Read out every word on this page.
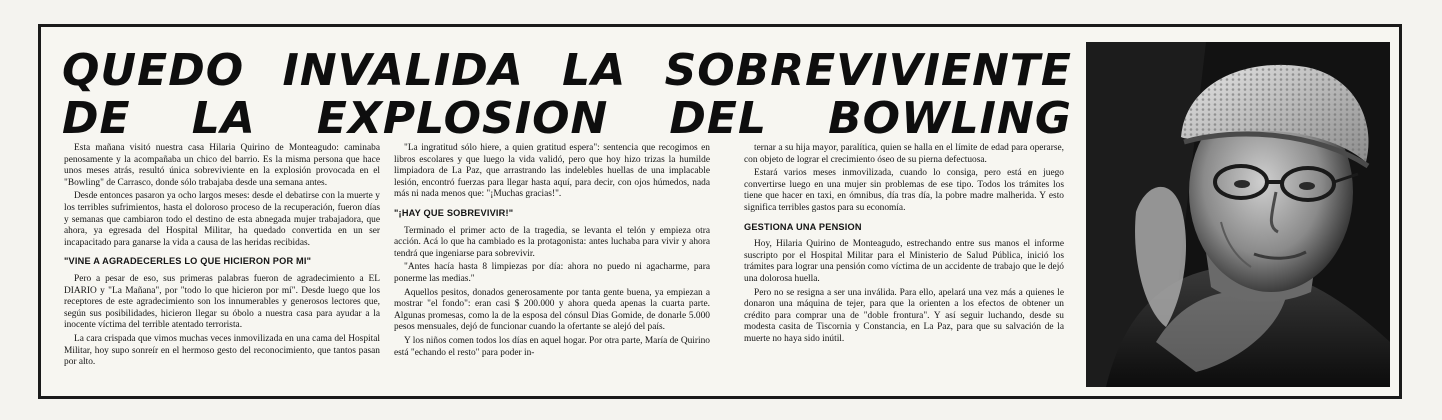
QUEDO INVALIDA LA SOBREVIVIENTE
DE LA EXPLOSION DEL BOWLING

Esta mañana visitó nuestra casa Hilaria Quirino de Monteagudo: caminaba penosamente y la acompañaba un chico del barrio. Es la misma persona que hace unos meses atrás, resultó única sobreviviente en la explosión provocada en el "Bowling" de Carrasco, donde sólo trabajaba desde una semana antes.

Desde entonces pasaron ya ocho largos meses: desde el debatirse con la muerte y los terribles sufrimientos, hasta el doloroso proceso de la recuperación, fueron días y semanas que cambiaron todo el destino de esta abnegada mujer trabajadora, que ahora, ya egresada del Hospital Militar, ha quedado convertida en un ser incapacitado para ganarse la vida a causa de las heridas recibidas.

"VINE A AGRADECERLES LO QUE HICIERON POR MI"

Pero a pesar de eso, sus primeras palabras fueron de agradecimiento a EL DIARIO y "La Mañana", por "todo lo que hicieron por mí". Desde luego que los receptores de este agradecimiento son los innumerables y generosos lectores que, según sus posibilidades, hicieron llegar su óbolo a nuestra casa para ayudar a la inocente víctima del terrible atentado terrorista.

La cara crispada que vimos muchas veces inmovilizada en una cama del Hospital Militar, hoy supo sonreír en el hermoso gesto del reconocimiento, que tantos pasan por alto.

"La ingratitud sólo hiere, a quien gratitud espera": sentencia que recogimos en libros escolares y que luego la vida validó, pero que hoy hizo trizas la humilde limpiadora de La Paz, que arrastrando las indelebles huellas de una implacable lesión, encontró fuerzas para llegar hasta aquí, para decir, con ojos húmedos, nada más ni nada menos que: "¡Muchas gracias!".

"¡HAY QUE SOBREVIVIR!"

Terminado el primer acto de la tragedia, se levanta el telón y empieza otra acción. Acá lo que ha cambiado es la protagonista: antes luchaba para vivir y ahora tendrá que ingeniarse para sobrevivir.

"Antes hacía hasta 8 limpiezas por día: ahora no puedo ni agacharme, para ponerme las medias."

Aquellos pesitos, donados generosamente por tanta gente buena, ya empiezan a mostrar "el fondo": eran casi $ 200.000 y ahora queda apenas la cuarta parte. Algunas promesas, como la de la esposa del cónsul Dias Gomide, de donarle 5.000 pesos mensuales, dejó de funcionar cuando la ofertante se alejó del país.

Y los niños comen todos los días en aquel hogar. Por otra parte, María de Quirino está "echando el resto" para poder in-

ternar a su hija mayor, paralítica, quien se halla en el límite de edad para operarse, con objeto de lograr el crecimiento óseo de su pierna defectuosa.

Estará varios meses inmovilizada, cuando lo consiga, pero está en juego convertirse luego en una mujer sin problemas de ese tipo. Todos los trámites los tiene que hacer en taxi, en ómnibus, día tras día, la pobre madre malherida. Y esto significa terribles gastos para su economía.

GESTIONA UNA PENSION

Hoy, Hilaria Quirino de Monteagudo, estrechando entre sus manos el informe suscripto por el Hospital Militar para el Ministerio de Salud Pública, inició los trámites para lograr una pensión como víctima de un accidente de trabajo que le dejó una dolorosa huella.

Pero no se resigna a ser una inválida. Para ello, apelará una vez más a quienes le donaron una máquina de tejer, para que la orienten a los efectos de obtener un crédito para comprar una de "doble frontura". Y así seguir luchando, desde su modesta casita de Tiscornia y Constancia, en La Paz, para que su salvación de la muerte no haya sido inútil.
